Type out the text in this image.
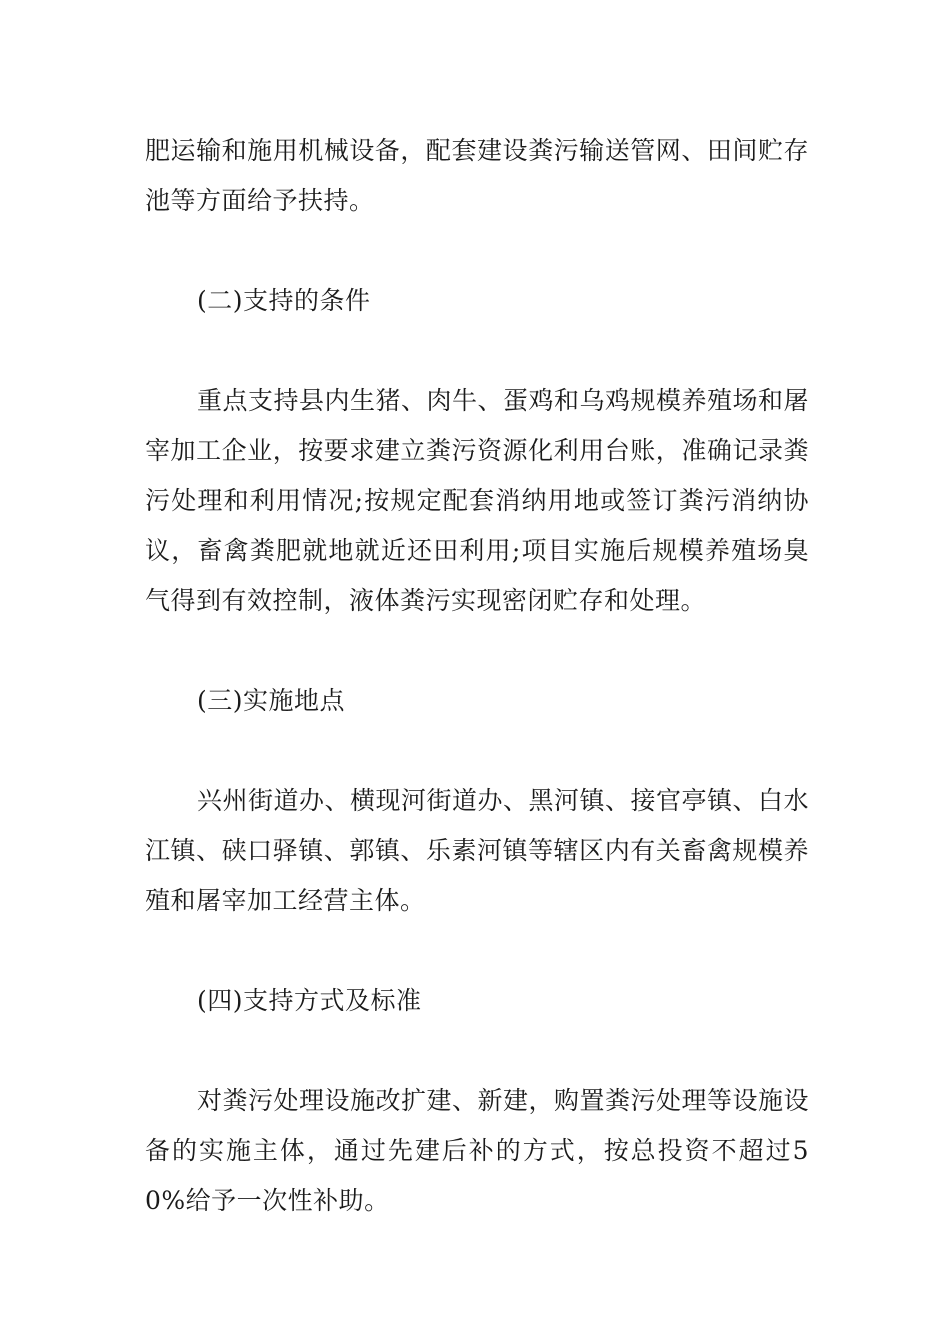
肥运输和施用机械设备，配套建设粪污输送管网、田间贮存池等方面给予扶持。

(二)支持的条件

重点支持县内生猪、肉牛、蛋鸡和乌鸡规模养殖场和屠宰加工企业，按要求建立粪污资源化利用台账，准确记录粪污处理和利用情况;按规定配套消纳用地或签订粪污消纳协议，畜禽粪肥就地就近还田利用;项目实施后规模养殖场臭气得到有效控制，液体粪污实现密闭贮存和处理。

(三)实施地点

兴州街道办、横现河街道办、黑河镇、接官亭镇、白水江镇、硖口驿镇、郭镇、乐素河镇等辖区内有关畜禽规模养殖和屠宰加工经营主体。

(四)支持方式及标准

对粪污处理设施改扩建、新建，购置粪污处理等设施设备的实施主体，通过先建后补的方式，按总投资不超过50%给予一次性补助。
